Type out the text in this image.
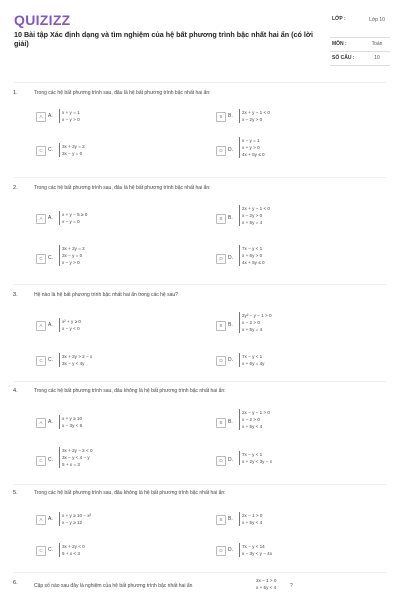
QUIZIZZ
10 Bài tập Xác định dạng và tìm nghiệm của hệ bất phương trình bậc nhất hai ẩn (có lời giải)
LỚP :	Lớp 10
MÔN :	Toán
SỐ CÂU :	10
1.	Trong các hệ bất phương trình sau, đâu là hệ bất phương trình bậc nhất hai ẩn:
A	A.
x + y = 1
x − y > 0
B	B.
2x + y − 1 < 0
x − 2y > 0
C	C.
3x + 2y = 2
3x − y = 0
D	D.
x − y = 1
x + y > 0
4x + 5y ≤ 0
2.	Trong các hệ bất phương trình sau, đâu là hệ bất phương trình bậc nhất hai ẩn:
A	A.
x + y − 5 ≥ 0
x − y = 0
B	B.
2x + y − 1 < 0
x − 2y > 0
x + 5y = 4
C	C.
3x + 2y = 2
3x − y = 0
x − y > 0
D	D.
7x − y < 1
x + 6y > 0
4x + 5y ≤ 0
3.	Hệ nào là hệ bất phương trình bậc nhất hai ẩn trong các hệ sau?
A	A.
x² + y ≥ 0
x − y < 0
B	B.
2y² − y − 1 > 0
x − 2 > 0
x + 5y = 4
C	C.
3x + 2y > 2 − x
3x − y < 4y
D	D.
7x − y < 1
x + 6y = 4y
4.	Trong các hệ bất phương trình sau, đâu không là hệ bất phương trình bậc nhất hai ẩn:
A	A.
x + y ≥ 10
x − 3y < 6
B	B.
2x − y − 1 > 0
x − 2 > 0
x + 5y < 4
C	C.
3x + 2y − 2 < 0
3x − y < 4 − y
5 + x = 3
D	D.
7x − y < 1
x + 2y < 3y − x
5.	Trong các hệ bất phương trình sau, đâu không là hệ bất phương trình bậc nhất hai ẩn:
A	A.
x + y ≥ 10 − x²
x − y ≥ 12
B	B.
2x − 1 > 0
x + 5y < 4
C	C.
3x + 2y < 0
5 + x < 3
D	D.
7x − y < 14
x − 3y < y − 4x
6.	Cặp số nào sau đây là nghiệm của hệ bất phương trình bậc nhất hai ẩn
2x − 1 > 0
x + 5y < 4	?
